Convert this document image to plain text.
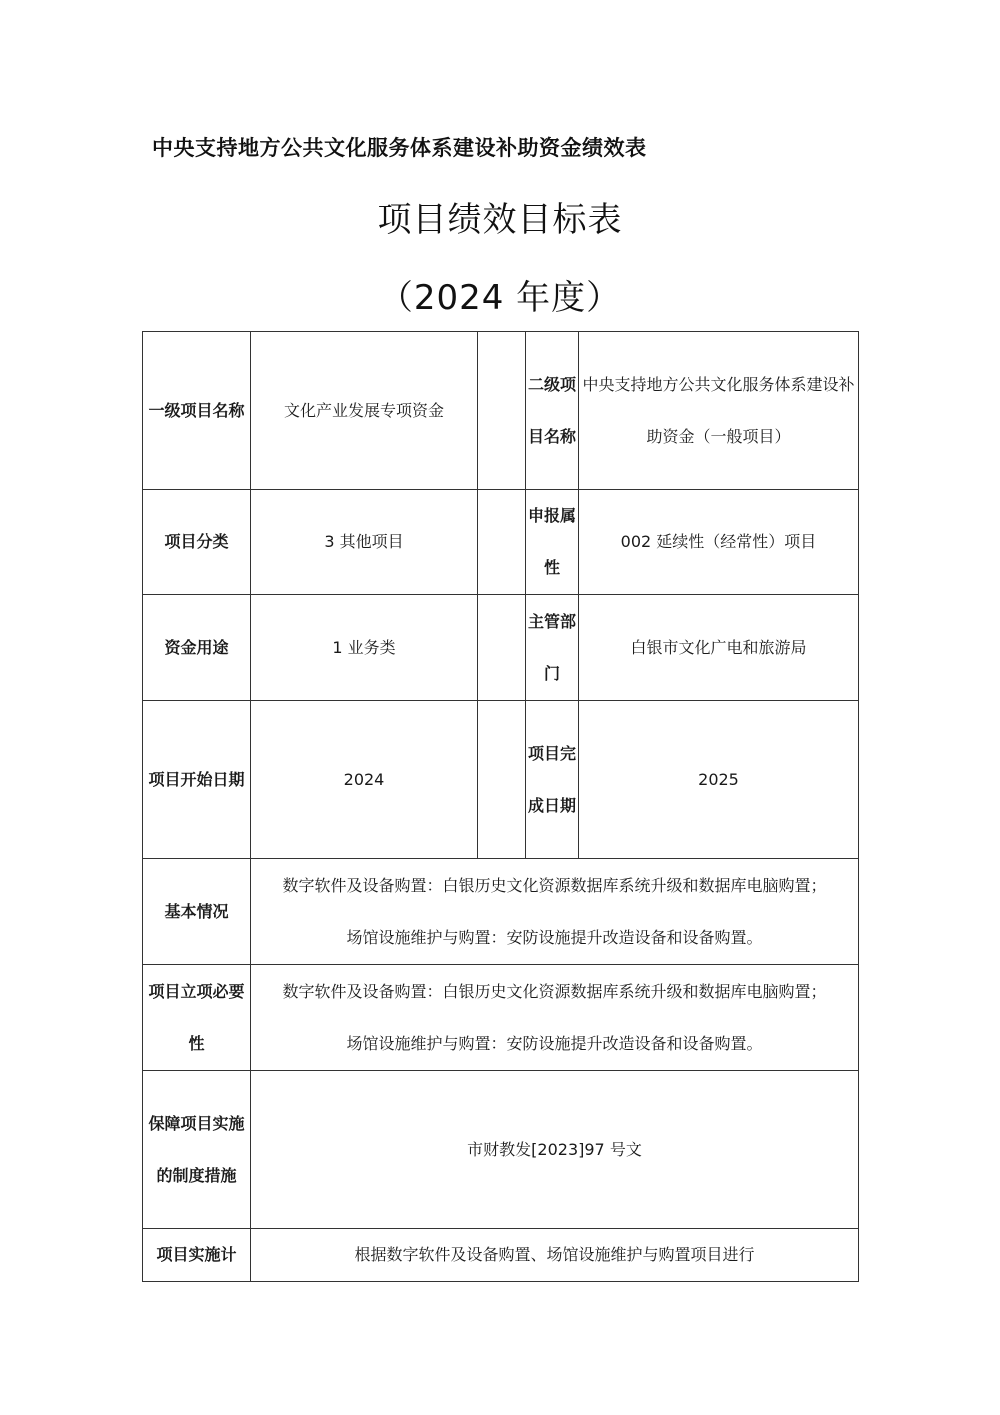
中央支持地方公共文化服务体系建设补助资金绩效表
项目绩效目标表
（2024 年度）
一级项目名称	文化产业发展专项资金		二级项目名称	中央支持地方公共文化服务体系建设补助资金（一般项目）
项目分类	3 其他项目		申报属性	002 延续性（经常性）项目
资金用途	1 业务类		主管部门	白银市文化广电和旅游局
项目开始日期	2024		项目完成日期	2025
基本情况	数字软件及设备购置：白银历史文化资源数据库系统升级和数据库电脑购置；
场馆设施维护与购置：安防设施提升改造设备和设备购置。			

项目立项必要性	数字软件及设备购置：白银历史文化资源数据库系统升级和数据库电脑购置；
场馆设施维护与购置：安防设施提升改造设备和设备购置。			

保障项目实施的制度措施	市财教发[2023]97 号文			
项目实施计	根据数字软件及设备购置、场馆设施维护与购置项目进行			
